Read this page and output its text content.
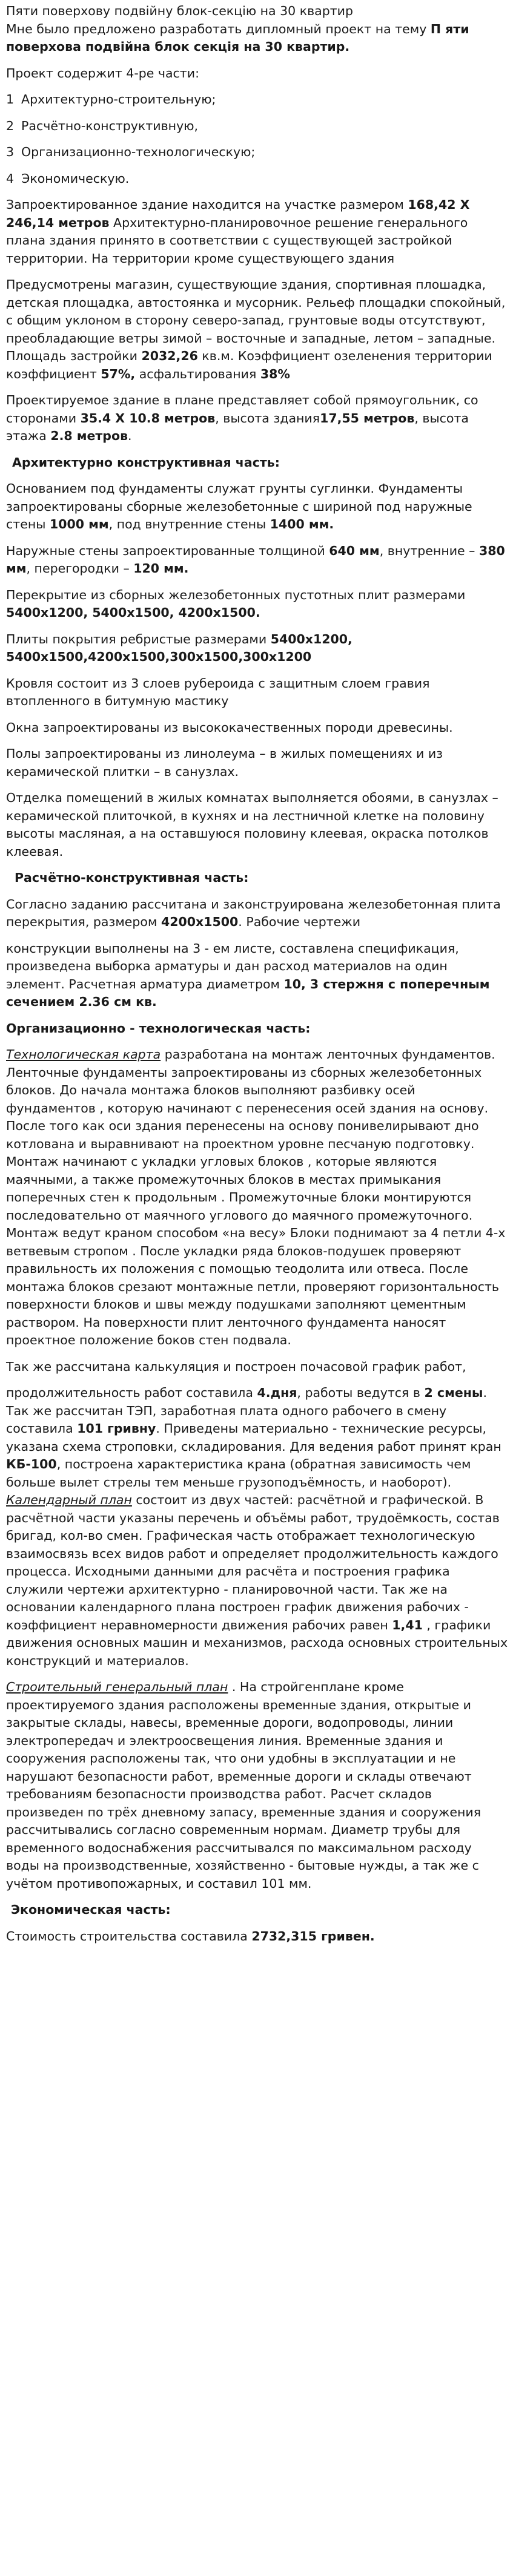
Пяти поверхову подвійну блок-секцію на 30 квартир

Мне было предложено разработать дипломный проект на тему П яти поверхова подвійна блок секція на 30 квартир.

Проект содержит 4-ре части:

1 Архитектурно-строительную;

2 Расчётно-конструктивную,

3 Организационно-технологическую;

4 Экономическую.

Запроектированное здание находится на участке размером 168,42 Х 246,14 метров Архитектурно-планировочное решение генерального плана здания принято в соответствии с существующей застройкой территории. На территории кроме существующего здания

Предусмотрены магазин, существующие здания, спортивная плошадка, детская площадка, автостоянка и мусорник. Рельеф площадки спокойный, с общим уклоном в сторону северо-запад, грунтовые воды отсутствуют, преобладающие ветры зимой – восточные и западные, летом – западные. Площадь застройки 2032,26 кв.м. Коэффициент озеленения территории коэффициент 57%, асфальтирования 38%

Проектируемое здание в плане представляет собой прямоугольник, со сторонами 35.4 Х 10.8 метров, высота здания17,55 метров, высота этажа 2.8 метров.

Архитектурно конструктивная часть:

Основанием под фундаменты служат грунты суглинки. Фундаменты запроектированы сборные железобетонные с шириной под наружные стены 1000 мм, под внутренние стены 1400 мм.

Наружные стены запроектированные толщиной 640 мм, внутренние – 380 мм, перегородки – 120 мм.

Перекрытие из сборных железобетонных пустотных плит размерами 5400х1200, 5400х1500, 4200х1500.

Плиты покрытия ребристые размерами 5400х1200, 5400х1500,4200х1500,300х1500,300х1200

Кровля состоит из 3 слоев рубероида с защитным слоем гравия втопленного в битумную мастику

Окна запроектированы из высококачественных породи древесины.

Полы запроектированы из линолеума – в жилых помещениях и из керамической плитки – в санузлах.

Отделка помещений в жилых комнатах выполняется обоями, в санузлах – керамической плиточкой, в кухнях и на лестничной клетке на половину высоты масляная, а на оставшуюся половину клеевая, окраска потолков клеевая.

Расчётно-конструктивная часть:

Согласно заданию рассчитана и законструирована железобетонная плита перекрытия, размером 4200х1500. Рабочие чертежи

конструкции выполнены на 3 - ем листе, составлена спецификация, произведена выборка арматуры и дан расход материалов на один элемент. Расчетная арматура диаметром 10, 3 стержня с поперечным сечением 2.36 см кв.

Организационно - технологическая часть:

Технологическая карта разработана на монтаж ленточных фундаментов. Ленточные фундаменты запроектированы из сборных железобетонных блоков. До начала монтажа блоков выполняют разбивку осей фундаментов , которую начинают с перенесения осей здания на основу. После того как оси здания перенесены на основу понивелирывают дно котлована и выравнивают на проектном уровне песчаную подготовку. Монтаж начинают с укладки угловых блоков , которые являются маячными, а также промежуточных блоков в местах примыкания поперечных стен к продольным . Промежуточные блоки монтируются последовательно от маячного углового до маячного промежуточного. Монтаж ведут краном способом «на весу» Блоки поднимают за 4 петли 4-х ветвевым стропом . После укладки ряда блоков-подушек проверяют правильность их положения с помощью теодолита или отвеса. После монтажа блоков срезают монтажные петли, проверяют горизонтальность поверхности блоков и швы между подушками заполняют цементным раствором. На поверхности плит ленточного фундамента наносят проектное положение боков стен подвала.

Так же рассчитана калькуляция и построен почасовой график работ,

продолжительность работ составила 4.дня, работы ведутся в 2 смены. Так же рассчитан ТЭП, заработная плата одного рабочего в смену составила 101 гривну. Приведены материально - технические ресурсы, указана схема строповки, складирования. Для ведения работ принят кран КБ-100, построена характеристика крана (обратная зависимость чем больше вылет стрелы тем меньше грузоподъёмность, и наоборот). Календарный план состоит из двух частей: расчётной и графической. В расчётной части указаны перечень и объёмы работ, трудоёмкость, состав бригад, кол-во смен. Графическая часть отображает технологическую взаимосвязь всех видов работ и определяет продолжительность каждого процесса. Исходными данными для расчёта и построения графика служили чертежи архитектурно - планировочной части. Так же на основании календарного плана построен график движения рабочих - коэффициент неравномерности движения рабочих равен 1,41 , графики движения основных машин и механизмов, расхода основных строительных конструкций и материалов.

Строительный генеральный план . На стройгенплане кроме проектируемого здания расположены временные здания, открытые и закрытые склады, навесы, временные дороги, водопроводы, линии электропередач и электроосвещения линия. Временные здания и сооружения расположены так, что они удобны в эксплуатации и не нарушают безопасности работ, временные дороги и склады отвечают требованиям безопасности производства работ. Расчет складов произведен по трёх дневному запасу, временные здания и сооружения рассчитывались согласно современным нормам. Диаметр трубы для временного водоснабжения рассчитывался по максимальном расходу воды на производственные, хозяйственно - бытовые нужды, а так же с учётом противопожарных, и составил 101 мм.

Экономическая часть:

Стоимость строительства составила 2732,315 гривен.
